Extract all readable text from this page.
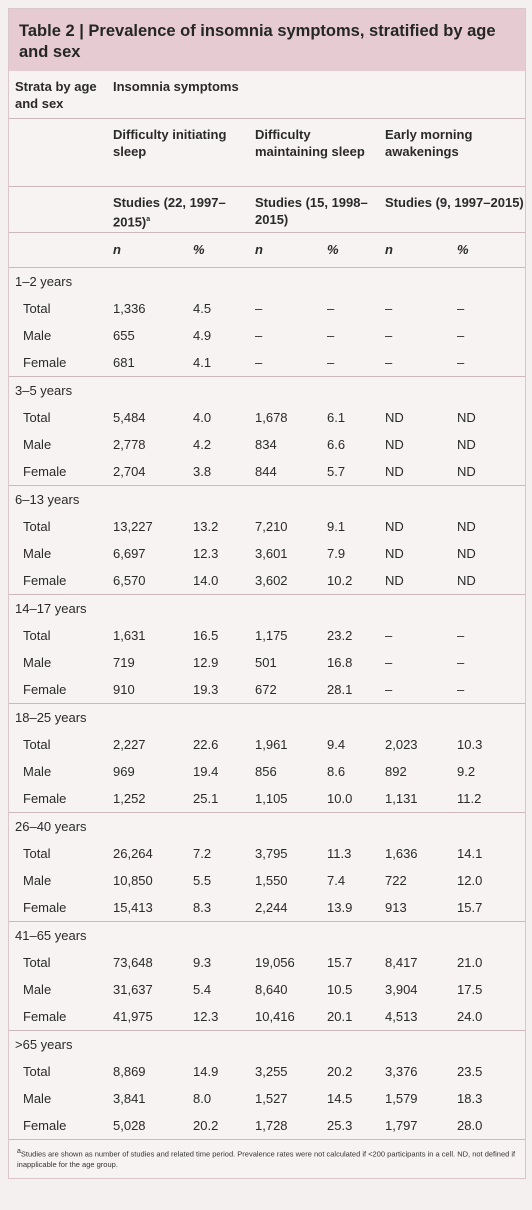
Table 2 | Prevalence of insomnia symptoms, stratified by age and sex
Strata by age and sex	Insomnia symptoms					
	Difficulty initiating sleep		Difficulty maintaining sleep		Early morning awakenings	
	Studies (22, 1997–2015)$^a$		Studies (15, 1998–2015)		Studies (9, 1997–2015)	
	n	%	n	%	n	%
1–2 years						
Total	1,336	4.5	–	–	–	–
Male	655	4.9	–	–	–	–
Female	681	4.1	–	–	–	–
3–5 years						
Total	5,484	4.0	1,678	6.1	ND	ND
Male	2,778	4.2	834	6.6	ND	ND
Female	2,704	3.8	844	5.7	ND	ND
6–13 years						
Total	13,227	13.2	7,210	9.1	ND	ND
Male	6,697	12.3	3,601	7.9	ND	ND
Female	6,570	14.0	3,602	10.2	ND	ND
14–17 years						
Total	1,631	16.5	1,175	23.2	–	–
Male	719	12.9	501	16.8	–	–
Female	910	19.3	672	28.1	–	–
18–25 years						
Total	2,227	22.6	1,961	9.4	2,023	10.3
Male	969	19.4	856	8.6	892	9.2
Female	1,252	25.1	1,105	10.0	1,131	11.2
26–40 years						
Total	26,264	7.2	3,795	11.3	1,636	14.1
Male	10,850	5.5	1,550	7.4	722	12.0
Female	15,413	8.3	2,244	13.9	913	15.7
41–65 years						
Total	73,648	9.3	19,056	15.7	8,417	21.0
Male	31,637	5.4	8,640	10.5	3,904	17.5
Female	41,975	12.3	10,416	20.1	4,513	24.0
>65 years						
Total	8,869	14.9	3,255	20.2	3,376	23.5
Male	3,841	8.0	1,527	14.5	1,579	18.3
Female	5,028	20.2	1,728	25.3	1,797	28.0
$^a$Studies are shown as number of studies and related time period. Prevalence rates were not calculated if <200 participants in a cell. ND, not defined if inapplicable for the age group.
